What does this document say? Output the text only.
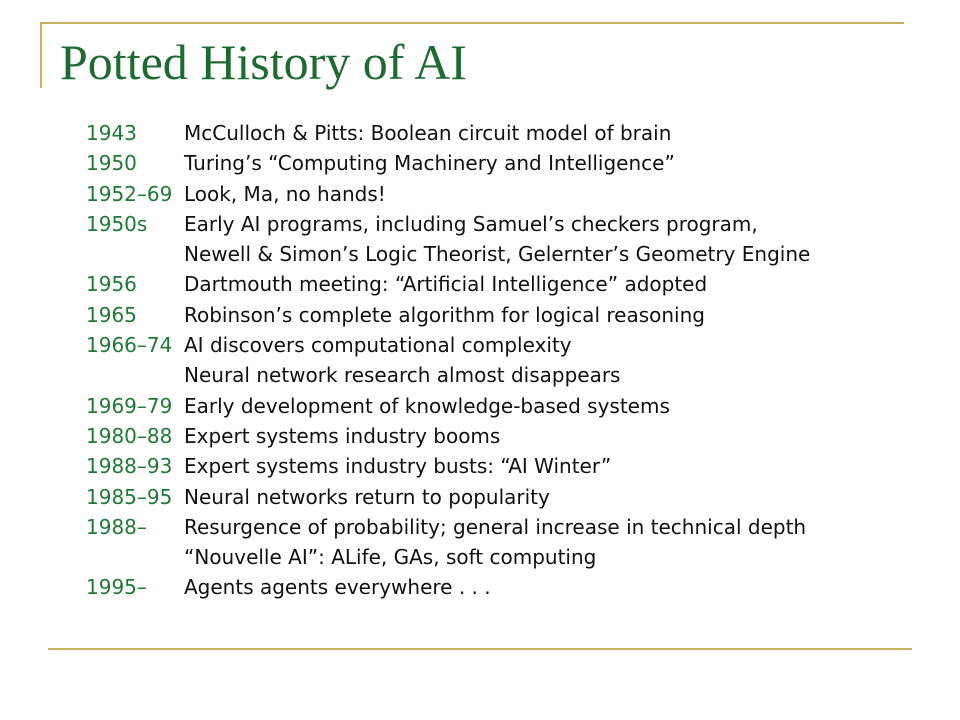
Potted History of AI
1943	McCulloch & Pitts: Boolean circuit model of brain
1950	Turing’s “Computing Machinery and Intelligence”
1952–69 Look, Ma, no hands!
1950s	Early AI programs, including Samuel’s checkers program,
Newell & Simon’s Logic Theorist, Gelernter’s Geometry Engine
1956	Dartmouth meeting: “Artificial Intelligence” adopted
1965	Robinson’s complete algorithm for logical reasoning
1966–74 AI discovers computational complexity
Neural network research almost disappears
1969–79 Early development of knowledge-based systems
1980–88 Expert systems industry booms
1988–93 Expert systems industry busts: “AI Winter”
1985–95 Neural networks return to popularity
1988–	Resurgence of probability; general increase in technical depth
“Nouvelle AI”: ALife, GAs, soft computing
1995–	Agents agents everywhere . . .
